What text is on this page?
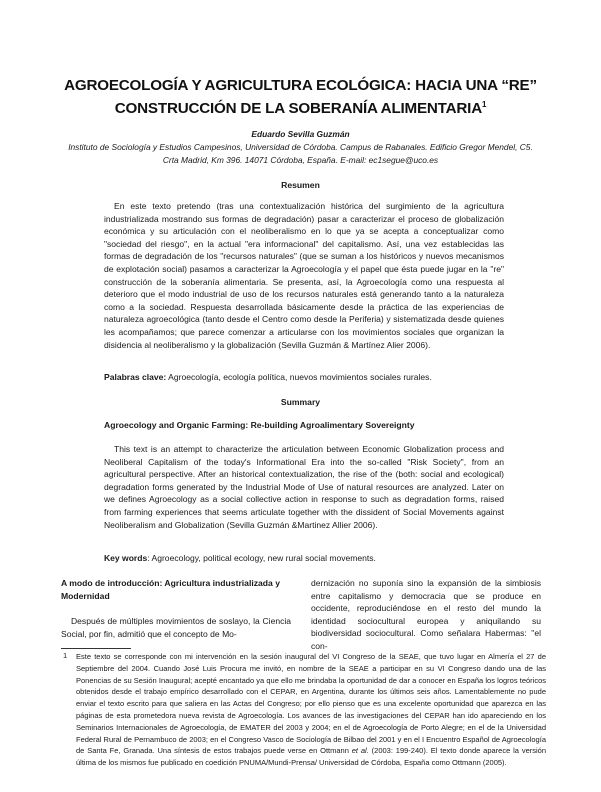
AGROECOLOGÍA Y AGRICULTURA ECOLÓGICA: HACIA UNA “RE”
CONSTRUCCIÓN DE LA SOBERANÍA ALIMENTARIA$^1$
Eduardo Sevilla Guzmán
Instituto de Sociología y Estudios Campesinos, Universidad de Córdoba. Campus de Rabanales. Edificio Gregor Mendel, C5.
Crta Madrid, Km 396. 14071 Córdoba, España. E-mail: ec1segue@uco.es
Resumen
En este texto pretendo (tras una contextualización histórica del surgimiento de la agricultura industrializada mostrando sus formas de degradación) pasar a caracterizar el proceso de globalización económica y su articulación con el neoliberalismo en lo que ya se acepta a conceptualizar como "sociedad del riesgo", en la actual "era informacional" del capitalismo. Así, una vez establecidas las formas de degradación de los "recursos naturales" (que se suman a los históricos y nuevos mecanismos de explotación social) pasamos a caracterizar la Agroecología y el papel que ésta puede jugar en la "re" construcción de la soberanía alimentaria. Se presenta, así, la Agroecología como una respuesta al deterioro que el modo industrial de uso de los recursos naturales está generando tanto a la naturaleza como a la sociedad. Respuesta desarrollada básicamente desde la práctica de las experiencias de naturaleza agroecológica (tanto desde el Centro como desde la Periferia) y sistematizada desde quienes les acompañamos; que parece comenzar a articularse con los movimientos sociales que organizan la disidencia al neoliberalismo y la globalización (Sevilla Guzmán & Martínez Alier 2006).
Palabras clave: Agroecología, ecología política, nuevos movimientos sociales rurales.
Summary
Agroecology and Organic Farming: Re-building Agroalimentary Sovereignty
This text is an attempt to characterize the articulation between Economic Globalization process and Neoliberal Capitalism of the today's Informational Era into the so-called "Risk Society", from an agricultural perspective. After an historical contextualization, the rise of the (both: social and ecological) degradation forms generated by the Industrial Mode of Use of natural resources are analyzed. Later on we defines Agroecology as a social collective action in response to such as degradation forms, raised from farming experiences that seems articulate together with the dissident of Social Movements against Neoliberalism and Globalization (Sevilla Guzmán &Martinez Allier 2006).
Key words: Agroecology, political ecology, new rural social movements.
A modo de introducción: Agricultura industrializada y Modernidad
Después de múltiples movimientos de soslayo, la Ciencia Social, por fin, admitió que el concepto de Mo-
dernización no suponía sino la expansión de la simbiosis entre capitalismo y democracia que se produce en occidente, reproduciéndose en el resto del mundo la identidad sociocultural europea y aniquilando su biodiversidad sociocultural. Como señalara Habermas: "el con-
1 Este texto se corresponde con mi intervención en la sesión inaugural del VI Congreso de la SEAE, que tuvo lugar en Almería el 27 de Septiembre del 2004. Cuando José Luis Procura me invitó, en nombre de la SEAE a participar en su VI Congreso dando una de las Ponencias de su Sesión Inaugural; acepté encantado ya que ello me brindaba la oportunidad de dar a conocer en España los logros teóricos obtenidos desde el trabajo empírico desarrollado con el CEPAR, en Argentina, durante los últimos seis años. Lamentablemente no pude enviar el texto escrito para que saliera en las Actas del Congreso; por ello pienso que es una excelente oportunidad que aparezca en las páginas de esta prometedora nueva revista de Agroecología. Los avances de las investigaciones del CEPAR han ido apareciendo en los Seminarios Internacionales de Agroecología, de EMATER del 2003 y 2004; en el de Agroecología de Porto Alegre; en el de la Universidad Federal Rural de Pernambuco de 2003; en el Congreso Vasco de Sociología de Bilbao del 2001 y en el I Encuentro Español de Agroecología de Santa Fe, Granada. Una síntesis de estos trabajos puede verse en Ottmann et al. (2003: 199-240). El texto donde aparece la versión última de los mismos fue publicado en coedición PNUMA/Mundi-Prensa/ Universidad de Córdoba, España como Ottmann (2005).
